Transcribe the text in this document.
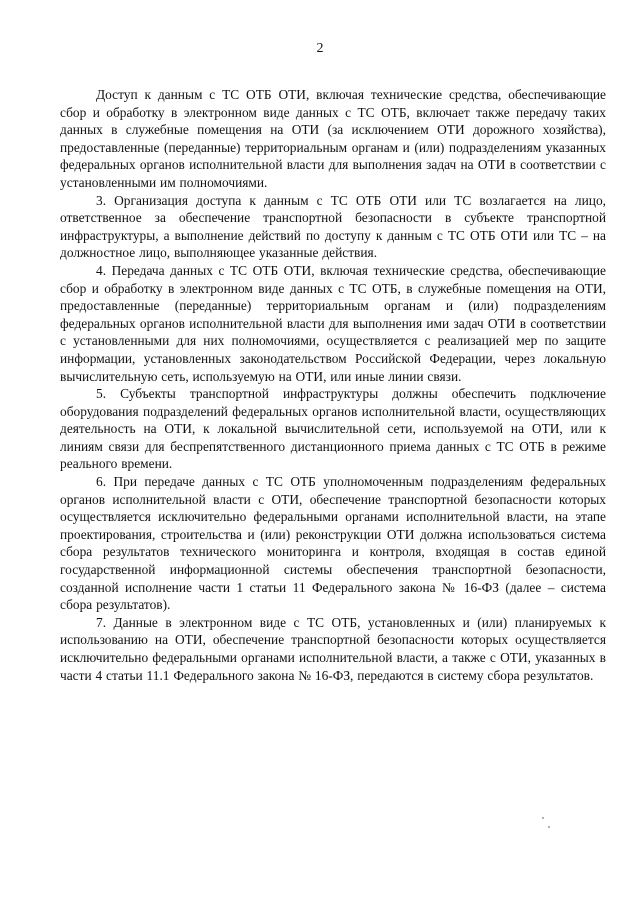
2

Доступ к данным с ТС ОТБ ОТИ, включая технические средства, обеспечивающие сбор и обработку в электронном виде данных с ТС ОТБ, включает также передачу таких данных в служебные помещения на ОТИ (за исключением ОТИ дорожного хозяйства), предоставленные (переданные) территориальным органам и (или) подразделениям указанных федеральных органов исполнительной власти для выполнения задач на ОТИ в соответствии с установленными им полномочиями.

3. Организация доступа к данным с ТС ОТБ ОТИ или ТС возлагается на лицо, ответственное за обеспечение транспортной безопасности в субъекте транспортной инфраструктуры, а выполнение действий по доступу к данным с ТС ОТБ ОТИ или ТС – на должностное лицо, выполняющее указанные действия.

4. Передача данных с ТС ОТБ ОТИ, включая технические средства, обеспечивающие сбор и обработку в электронном виде данных с ТС ОТБ, в служебные помещения на ОТИ, предоставленные (переданные) территориальным органам и (или) подразделениям федеральных органов исполнительной власти для выполнения ими задач ОТИ в соответствии с установленными для них полномочиями, осуществляется с реализацией мер по защите информации, установленных законодательством Российской Федерации, через локальную вычислительную сеть, используемую на ОТИ, или иные линии связи.

5. Субъекты транспортной инфраструктуры должны обеспечить подключение оборудования подразделений федеральных органов исполнительной власти, осуществляющих деятельность на ОТИ, к локальной вычислительной сети, используемой на ОТИ, или к линиям связи для беспрепятственного дистанционного приема данных с ТС ОТБ в режиме реального времени.

6. При передаче данных с ТС ОТБ уполномоченным подразделениям федеральных органов исполнительной власти с ОТИ, обеспечение транспортной безопасности которых осуществляется исключительно федеральными органами исполнительной власти, на этапе проектирования, строительства и (или) реконструкции ОТИ должна использоваться система сбора результатов технического мониторинга и контроля, входящая в состав единой государственной информационной системы обеспечения транспортной безопасности, созданной исполнение части 1 статьи 11 Федерального закона № 16-ФЗ (далее – система сбора результатов).

7. Данные в электронном виде с ТС ОТБ, установленных и (или) планируемых к использованию на ОТИ, обеспечение транспортной безопасности которых осуществляется исключительно федеральными органами исполнительной власти, а также с ОТИ, указанных в части 4 статьи 11.1 Федерального закона № 16-ФЗ, передаются в систему сбора результатов.
